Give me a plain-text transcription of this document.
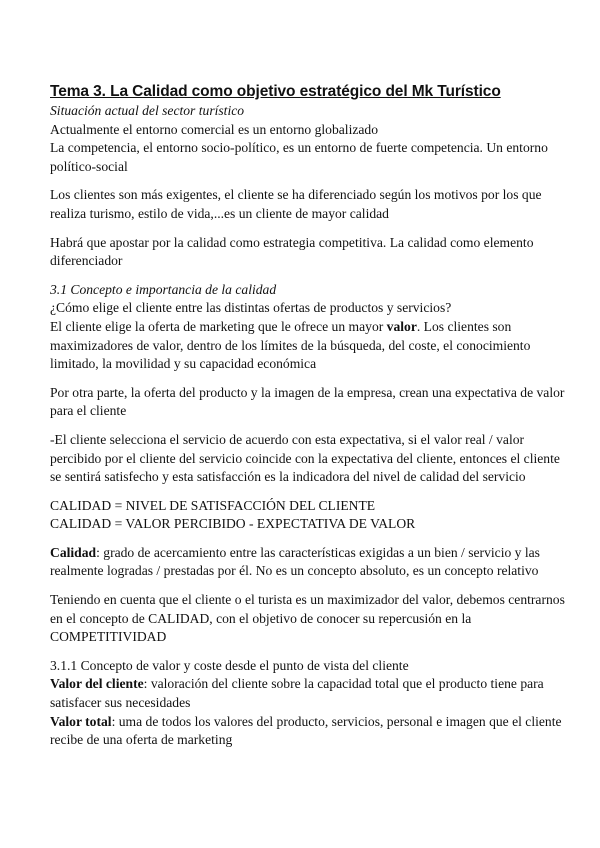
Tema 3. La Calidad como objetivo estratégico del Mk Turístico

Situación actual del sector turístico

Actualmente el entorno comercial es un entorno globalizado

La competencia, el entorno socio-político, es un entorno de fuerte competencia. Un entorno político-social

Los clientes son más exigentes, el cliente se ha diferenciado según los motivos por los que realiza turismo, estilo de vida,...es un cliente de mayor calidad

Habrá que apostar por la calidad como estrategia competitiva. La calidad como elemento diferenciador

3.1 Concepto e importancia de la calidad

¿Cómo elige el cliente entre las distintas ofertas de productos y servicios?

El cliente elige la oferta de marketing que le ofrece un mayor valor. Los clientes son maximizadores de valor, dentro de los límites de la búsqueda, del coste, el conocimiento limitado, la movilidad y su capacidad económica

Por otra parte, la oferta del producto y la imagen de la empresa, crean una expectativa de valor para el cliente

-El cliente selecciona el servicio de acuerdo con esta expectativa, si el valor real / valor percibido por el cliente del servicio coincide con la expectativa del cliente, entonces el cliente se sentirá satisfecho y esta satisfacción es la indicadora del nivel de calidad del servicio

CALIDAD = NIVEL DE SATISFACCIÓN DEL CLIENTE

CALIDAD = VALOR PERCIBIDO - EXPECTATIVA DE VALOR

Calidad: grado de acercamiento entre las características exigidas a un bien / servicio y las realmente logradas / prestadas por él. No es un concepto absoluto, es un concepto relativo

Teniendo en cuenta que el cliente o el turista es un maximizador del valor, debemos centrarnos en el concepto de CALIDAD, con el objetivo de conocer su repercusión en la COMPETITIVIDAD

3.1.1 Concepto de valor y coste desde el punto de vista del cliente

Valor del cliente: valoración del cliente sobre la capacidad total que el producto tiene para satisfacer sus necesidades

Valor total: uma de todos los valores del producto, servicios, personal e imagen que el cliente recibe de una oferta de marketing
